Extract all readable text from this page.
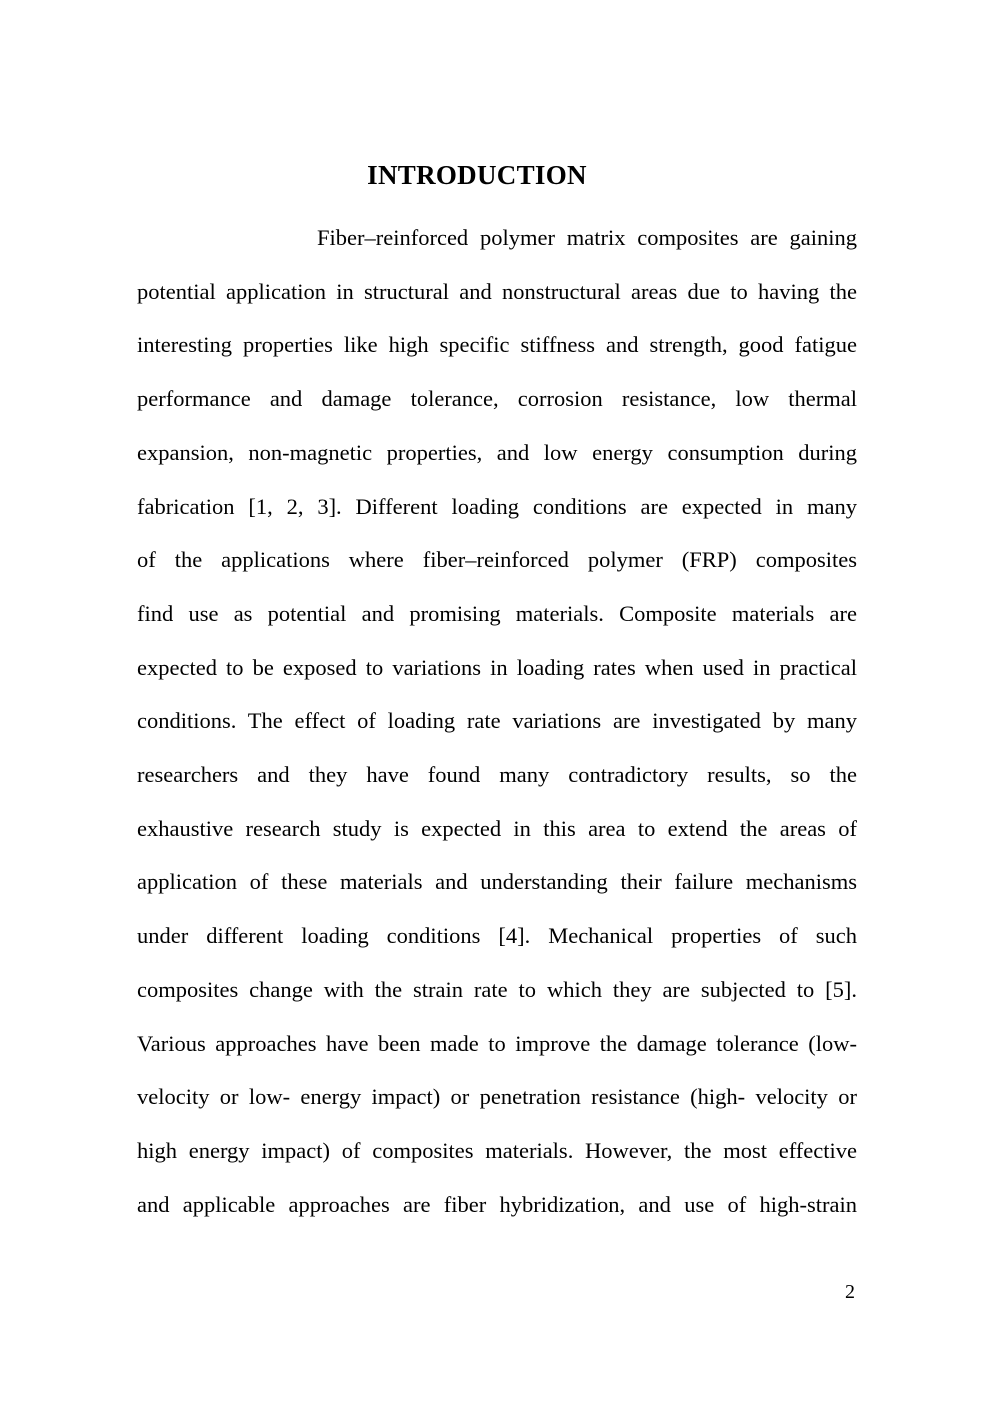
INTRODUCTION
Fiber–reinforced polymer matrix composites are gaining
potential application in structural and nonstructural areas due to having the
interesting properties like high specific stiffness and strength, good fatigue
performance and damage tolerance, corrosion resistance, low thermal
expansion, non-magnetic properties, and low energy consumption during
fabrication [1, 2, 3]. Different loading conditions are expected in many
of the applications where fiber–reinforced polymer (FRP) composites
find use as potential and promising materials. Composite materials are
expected to be exposed to variations in loading rates when used in practical
conditions. The effect of loading rate variations are investigated by many
researchers and they have found many contradictory results, so the
exhaustive research study is expected in this area to extend the areas of
application of these materials and understanding their failure mechanisms
under different loading conditions [4]. Mechanical properties of such
composites change with the strain rate to which they are subjected to [5].
Various approaches have been made to improve the damage tolerance (low-
velocity or low- energy impact) or penetration resistance (high- velocity or
high energy impact) of composites materials. However, the most effective
and applicable approaches are fiber hybridization, and use of high-strain
2
